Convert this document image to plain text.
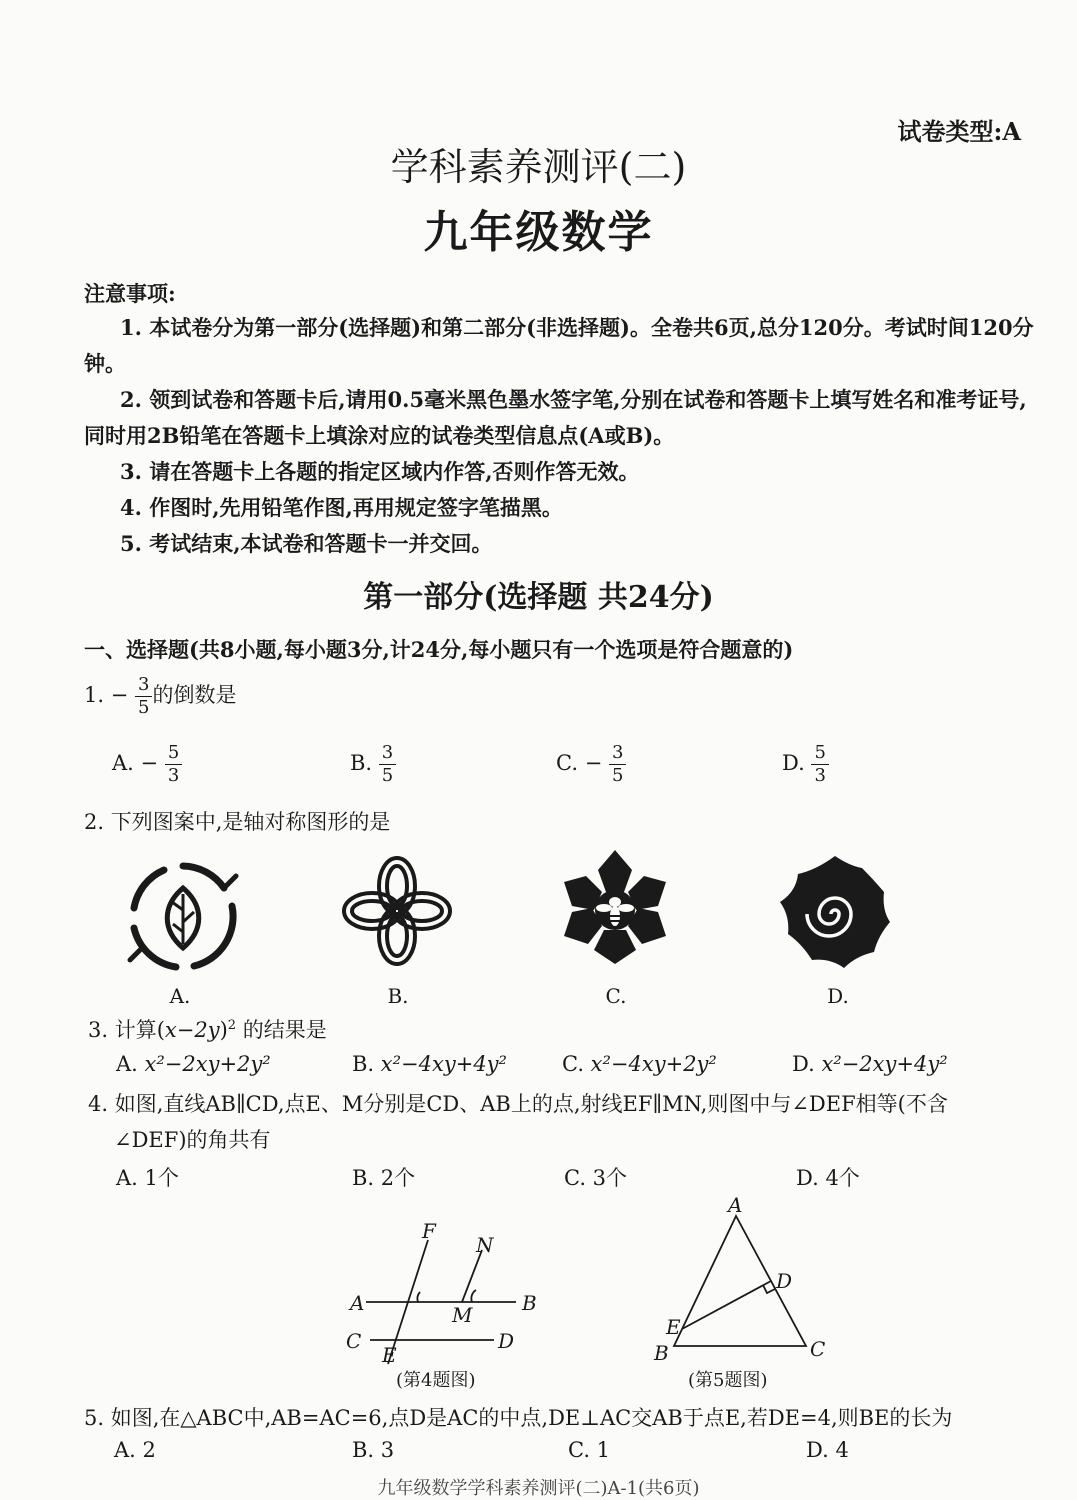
试卷类型:A
学科素养测评(二)
九年级数学
注意事项:

1. 本试卷分为第一部分(选择题)和第二部分(非选择题)。全卷共6页,总分120分。考试时间120分钟。

2. 领到试卷和答题卡后,请用0.5毫米黑色墨水签字笔,分别在试卷和答题卡上填写姓名和准考证号,同时用2B铅笔在答题卡上填涂对应的试卷类型信息点(A或B)。

3. 请在答题卡上各题的指定区域内作答,否则作答无效。

4. 作图时,先用铅笔作图,再用规定签字笔描黑。

5. 考试结束,本试卷和答题卡一并交回。

第一部分(选择题 共24分)
一、选择题(共8小题,每小题3分,计24分,每小题只有一个选项是符合题意的)
1. − $\frac{3}{5}$ 的倒数是
A. − $\frac{5}{3}$	B. $\frac{3}{5}$	C. − $\frac{3}{5}$	D. $\frac{5}{3}$
2. 下列图案中,是轴对称图形的是
A.	B.	C.	D.
3. 计算$(x-2y)^2$ 的结果是
A. x²−2xy+2y²	B. x²−4xy+4y²	C. x²−4xy+2y²	D. x²−2xy+4y²
4. 如图,直线AB∥CD,点E、M分别是CD、AB上的点,射线EF∥MN,则图中与∠DEF相等(不含
∠DEF)的角共有
A. 1个	B. 2个	C. 3个	D. 4个
A	B
C	D
E
F
M
N
(第4题图)
A
B	C
D
E
(第5题图)
5. 如图,在△ABC中,AB=AC=6,点D是AC的中点,DE⊥AC交AB于点E,若DE=4,则BE的长为
A. 2	B. 3	C. 1	D. 4
九年级数学学科素养测评(二)A-1(共6页)
